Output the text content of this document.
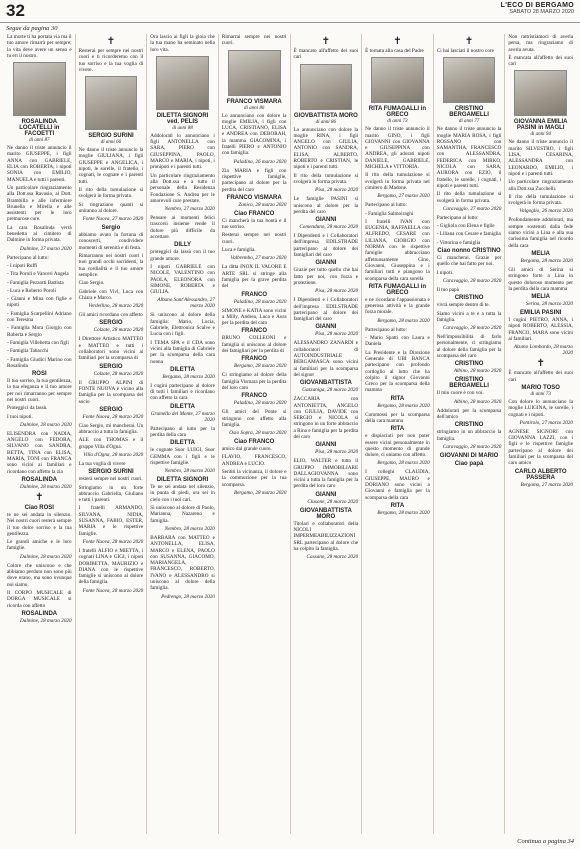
32	L'ECO DI BERGAMO
SABATO 28 MARZO 2020
Segue da pagina 30
La morte ti ha portata via ma il tuo amore rimarrà per sempre; la vita deve avere un senso e tu eri il nostro.
ROSALINDA LOCATELLI in FACOETTI
di anni 87
Ne danno il triste annuncio il marito GIUSEPPE, i figli ANNA con GABRIELE, ELIA con ROBERTA, i nipoti SONIA con EMILIO, MANUELA e tutti i parenti.
Un particolare ringraziamento alla Dott.ssa Ravasio, al Dott. Brambilla e alle infermiere Brunella e Mirella e alle assistenti per le loro premurose cure.
La cara Rosalinda verrà benedetta al cimitero di Dalmine in forma privata.
Dalmine, 27 marzo 2020
Partecipano al lutto:
- I nipoti Ruffi
- Tita Poroli e Vanceri Angela
- Famiglia Pezzotti Battista
- Luca e Roberto Poroli
- Gianni e Mina con figlie e nipoti
- Famiglia Scarpellini Adriano con Teresina
- Famiglia Mora Giorgio con Roberta e Sergio
- Famiglia Villeberta con figli
- Famiglia Tabacchi
- Famiglia Giudici Marino con Rosalinda
ROSI
Il tuo sorriso, la tua gentilezza, la tua eleganza e il tuo amore per noi rimarranno per sempre nei nostri cuori.
Proteggici da lassù.
I tuoi nipoti.
Dalmine, 28 marzo 2020
ELISENDRA con NADIA, ANGELO con FEDORA, SILVANO con SANDRA, BETTA, TINA con ELISA, MARIA, TONI con FRANCA sono vicini ai familiari e ricordano con affetto la zia
ROSALINDA
Dalmine, 28 marzo 2020
✝
Ciao ROSI
te ne sei andata in silenzio. Nei nostri cuori resterà sempre il tuo dolce sorriso e la tua gentilezza.
Le grandi amiche e le loro famiglie.
Dalmine, 28 marzo 2020
Colore che uniscono e che abbiamo perduto non sono più dove erano, ma sono ovunque noi siamo.
Il CORPO MUSICALE di DORGA MUSICALE si ricorda con affetto
ROSALINDA
Dalmine, 28 marzo 2020
✝
Resterai per sempre nei nostri cuori e ti ricorderemo con il tuo sorriso e la tua voglia di vivere.
SERGIO SURINI
di anni 66
Ne danno il triste annuncio la moglie GIULIANA, i figli GIUSEPPE e ANGELICA, i nipoti, le sorelle, il fratello, i cognati, le cognate e i parenti tutti.
Il rito della tumulazione si svolgerà in forma privata.
Si ringraziano quanti si uniranno al dolore.
Fonte Nuova, 27 marzo 2020
Sergio
abbiamo avuto la fortuna di conoscerti, condividere momenti di serenità e di festa.
Rimarranno nei nostri cuori i tuoi grandi occhi sorridenti, la tua cordialità e il tuo amore semplice.
Ciao Sergio.
Gabriele con Vivi, Luca con Chiara e Marco.
Verdellino, 28 marzo 2020
Gli amici ricordano con affetto
SERGIO
Colzate, 28 marzo 2020
I Direttore Artistico MATTEO e MATTEO e tutti i collaboratori sono vicini ai familiari per la scomparsa di
SERGIO
Colzate, 28 marzo 2020
Il GRUPPO ALPINI di FONTE NUOVA è vicino alla famiglia per la scomparsa del socio
SERGIO
Fonte Nuova, 28 marzo 2020
Ciao Sergio, mi mancherai. Un abbraccio a tutta la famiglia.
ALE con THOMAS e il gruppo Villa d'Ogna.
Villa d'Ogna, 28 marzo 2020
La tua voglia di vivere
SERGIO SURINI
resterà sempre nei nostri cuori.
Stringiamo in un forte abbraccio Gabriella, Giuliano e tutti i parenti.
I fratelli ARMANDO, SILVANA, NIDIA, SUSANNA, FABIO, ESTER, MARIA e le rispettive famiglie.
Fonte Nuova, 28 marzo 2020
I fratelli ALFIO e MIETTA, i cognati LINA e GIGI, i nipoti DORIBETTA, MAURIZIO e DIANA con le rispettive famiglie si uniscono al dolore della famiglia.
Fonte Nuova, 28 marzo 2020
Ora lascio ai figli la gioia che la tua mano ha seminato nella loro vita.
DILETTA SIGNORI ved. PELIS
di anni 88
Addolorati lo annunciano i figli ANTONELLA con SARA, PIERO con GIUSEPPINA, PAOLO, MARCO e MARIA, i nipoti, i pronipoti e i parenti tutti.
Un particolare ringraziamento alla Dott.ssa e a tutto il personale della Residenza Fondazione S. Andrea per le amorevoli cure prestate.
Nembro, 27 marzo 2020
Pensare ai momenti felici trascorsi insieme rende il dolore più difficile da accettare.
DILLY
proteggici da lassù con il tuo grande amore.
I nipoti GABRIELE con NICOLE, VALENTINO con PAOLA, ELEONORA con SIMONE, ROBERTA e GIULIA.
Albano Sant'Alessandro, 27 marzo 2020
Si uniscono al dolore della famiglia: Mario, Lucia, Gabriele, Elettronica Scalve e Lucia con i figli.
I TEMA SPA e il CDA sono vicini alla famiglia di Gabriele per la scomparsa della cara nonna
DILETTA
Bergamo, 28 marzo 2020
I cugini partecipano al dolore di tutti i familiari e ricordano con affetto la cara
DILETTA
Grumello del Monte, 27 marzo 2020
Partecipano al lutto per la perdita della cara
DILETTA
le cognate Suor LUIGI, Suor GEMMA con i figli e le rispettive famiglie.
Nembro, 28 marzo 2020
DILETTA SIGNORI
Te ne sei andata nel silenzio, in punta di piedi, ora sei in cielo con i tuoi cari.
Si uniscono al dolore di Paolo, Marianna, Nazareno e famiglia.
Nembro, 28 marzo 2020
BARBARA con MATTEO e ANTONELLA, ELISA, MARCO e ELENA, PAOLO con SUSANNA, GIACOMO, MARIANGELA, FRANCESCO, ROBERTO, IVANO e ALESSANDRO si uniscono al dolore della famiglia.
Pedrengo, 28 marzo 2020
Rimarrai sempre nei nostri cuori.
FRANCO VISMARA
di anni 86
Lo annunciano con dolore la moglie EMILIA, i figli con LUCA, CRISTIANO, ELISA e ANDREA con DEBORAH, la mamma GIACOMINA, i fratelli PIERO e ANTONIO con famiglia.
Paladina, 26 marzo 2020
Zia MARIA e figli con rispettive famiglie, partecipano al dolore per la perdita del caro
FRANCO VISMARA
Zanica, 28 marzo 2020
Ciao FRANCO
Ci mancherà la tua bontà e il tuo sorriso.
Resterai sempre nei nostri cuori.
Luca e famiglia.
Valbrembo, 27 marzo 2020
La ditta INOX IL VALORE E ARTE SRL si stringe alla famiglia per la grave perdita del
FRANCO
Paladina, 28 marzo 2020
SIMONE e KATIA sono vicini a Milly, Andrea, Luca e Aura per la perdita del caro
FRANCO
BRUNO COLLEONI e famiglia si uniscono al dolore dei famigliari per la perdita di
FRANCO
Bergamo, 28 marzo 2020
Ci stringiamo al dolore della famiglia Vismara per la perdita del loro caro
FRANCO
Paladina, 28 marzo 2020
Gli amici del Ponte si stringono con affetto alla famiglia.
Osio Sopra, 28 marzo 2020
Ciao FRANCO
amico dal grande cuore.
FLAVIO, FRANCESCO, ANDREA e LUCIO.
Sentiti la vicinanza, il dolore e la commozione per la tua scomparsa.
Bergamo, 28 marzo 2020
✝
È mancato all'affetto dei suoi cari
GIOVBATTISTA MORO
di anni 86
Lo annunciano con dolore la moglie RINA, i figli ANGELO con GIULIA, ANTONIO con SANDRA, ELISA, ALBERTO, ROBERTO e CRISTIAN, le nipoti e i parenti tutti.
Il rito della tumulazione si svolgerà in forma privata.
Pisa, 28 marzo 2020
Le famiglie PASINI si uniscono al dolore per la perdita del caro
GIANNI
Comenduno, 28 marzo 2020
I Dipendenti e i Collaboratori dell'impresa EDILSTRADE partecipano al dolore dei famigliari del caro
GIANNI
Grazie per tutto quello che hai fatto per noi, con forza e protezione.
Pisa, 28 marzo 2020
I Dipendenti e i Collaboratori dell'impresa EDILSTRADE partecipano al dolore dei famigliari del caro
GIANNI
Pisa, 28 marzo 2020
ALESSANDRO ZANARDI e collaboratori di AUTOINDUSTRIALE BERGAMASCA sono vicini ai familiari per la scomparsa del signor
GIOVANBATTISTA
Gazzaniga, 28 marzo 2020
ZACCARIA con ANTONIETTA, ANGELO con GIULIA, DAVIDE con SERGIO e NICOLA si stringono in un forte abbraccio a Rina e famiglia per la perdita del caro
GIANNI
Pisa, 28 marzo 2020
ELIO, WALTER e tutto il GRUPPO IMMOBILIARE DALLAGIOVANNA sono vicini a tutta la famiglia per la perdita del loro caro
GIANNI
Clusone, 28 marzo 2020
GIOVANBATTISTA MORO
Titolari e collaboratori della NICOLI IMPERMEABILIZZAZIONI SRL partecipano al dolore che ha colpito la famiglia.
Cassano, 28 marzo 2020
✝
È tornata alla casa del Padre
RITA FUMAGALLI in GRECO
di anni 73
Ne danno il triste annuncio il marito GINO, i figli GIOVANNI con GIOVANNA e GIUSEPPINA con ANDREA, gli adorati nipoti DANIELE, GABRIELE, MICHELA e VITTORIA.
Il rito della tumulazione si svolgerà in forma privata nel cimitero di Madone.
Bergamo, 27 marzo 2020
Partecipano al lutto:
- Famiglia Salmoiraghi
I fratelli IVAN con EUGENIA, RAFFAELLA con ALFREDO, CESARE con LILIANA, GIORGIO con NORMA con le rispettive famiglie abbracciano affettuosamente Gino, Giovanni, Giuseppina e i familiari tutti e piangono la scomparsa della cara sorella
RITA FUMAGALLI in GRECO
e ne ricordano l'appassionata e generosa attività e la grande forza morale.
Bergamo, 28 marzo 2020
Partecipano al lutto:
- Mario Spatti con Laura e Daniela
La Presidente e la Direzione Generale di UBI BANCA partecipano con profondo cordoglio al lutto che ha colpito il signor Giovanni Greco per la scomparsa della mamma
RITA
Bergamo, 28 marzo 2020
Commossi per la scomparsa della cara mamma
RITA
e dispiaciuti per non poter essere vicini personalmente in questo momento di grande dolore, ci uniamo con affetto.
Bergamo, 28 marzo 2020
I colleghi CLAUDIA, GIUSEPPE, MAURO e DORIANO sono vicini a Giovanni e famiglia per la scomparsa della cara
RITA
Bergamo, 28 marzo 2020
✝
Ci hai lasciati il nostro core
CRISTINO BERGAMELLI
di anni 77
Ne danno il triste annuncio la moglie MARIA ROSA, i figli ROSSANO con SAMANTHA, FRANCESCO con ALESSANDRA, FEDERICA con MIRKO, NICOLA con SARA, AURORA con EZIO, il fratello, le sorelle, i cognati, i nipoti e parenti tutti.
Il rito della tumulazione si svolgerà in forma privata.
Caravaggio, 27 marzo 2020
Partecipano al lutto:
- Gigliola con Elena e figlie
- Liliana con Cesare e famiglia
- Vittorina e famiglia
Ciao nonno CRISTINO
Ci mancherai. Grazie per quello che hai fatto per noi.
I nipoti.
Caravaggio, 28 marzo 2020
Il tuo papà
CRISTINO
vivrà sempre dentro di te.
Siamo vicini a te e a tutta la famiglia.
Caravaggio, 28 marzo 2020
Nell'impossibilità di farlo personalmente, ci stringiamo al dolore della famiglia per la scomparsa del caro
CRISTINO
Albino, 28 marzo 2020
CRISTINO BERGAMELLI
Il mio cuore è con voi.
Albino, 28 marzo 2020
Addolorati per la scomparsa dell'amico
CRISTINO
stringiamo in un abbraccio la famiglia.
Caravaggio, 28 marzo 2020
GIOVANNI DI MARIO
Ciao papà
Non rattristiamoci di averla persa, ma ringraziamo di averla avuta.
È mancata all'affetto dei suoi cari
GIOVANNA EMILIA PASINI in MAGLI
di anni 94
Ne danno il triste annuncio il marito SILVESTRO, i figli LISA, CESARINA, ALESSANDRA con LEONARDO, EMILIO, i nipoti e i parenti tutti.
Un particolare ringraziamento alla Dott.ssa Zucchelli.
Il rito della tumulazione si svolgerà in forma privata.
Valgoglio, 26 marzo 2020
Profondamente addolorati, ma sempre sostenuti dalla fede siamo vicini a Lina e alla sua carissima famiglia nel ricordo della cara
MELIA
Bergamo, 28 marzo 2020
Gli amici di Serina si stringono forte a Lina in questo doloroso momento per la perdita della cara mamma
MELIA
Serina, 28 marzo 2020
EMILIA PASINI
I cugini PIETRO, ANNA, i nipoti ROBERTO, ALESSIA, FRANCO, MARA sono vicini ai familiari.
Alzano Lombardo, 28 marzo 2020
✝
È mancato all'affetto dei suoi cari
MARIO TOSO
di anni 73
Con dolore lo annunciano la moglie LUIGINA, le sorelle, i cognati e i nipoti.
Pontirolo, 27 marzo 2020
AGNESE SIGNORI con GIOVANNA LAZZI, con i figli e le rispettive famiglie partecipano al dolore dei familiari per la scomparsa del caro amico
CARLO ALBERTO PASSERA
Bergamo, 27 marzo 2020
Continua a pagina 34
